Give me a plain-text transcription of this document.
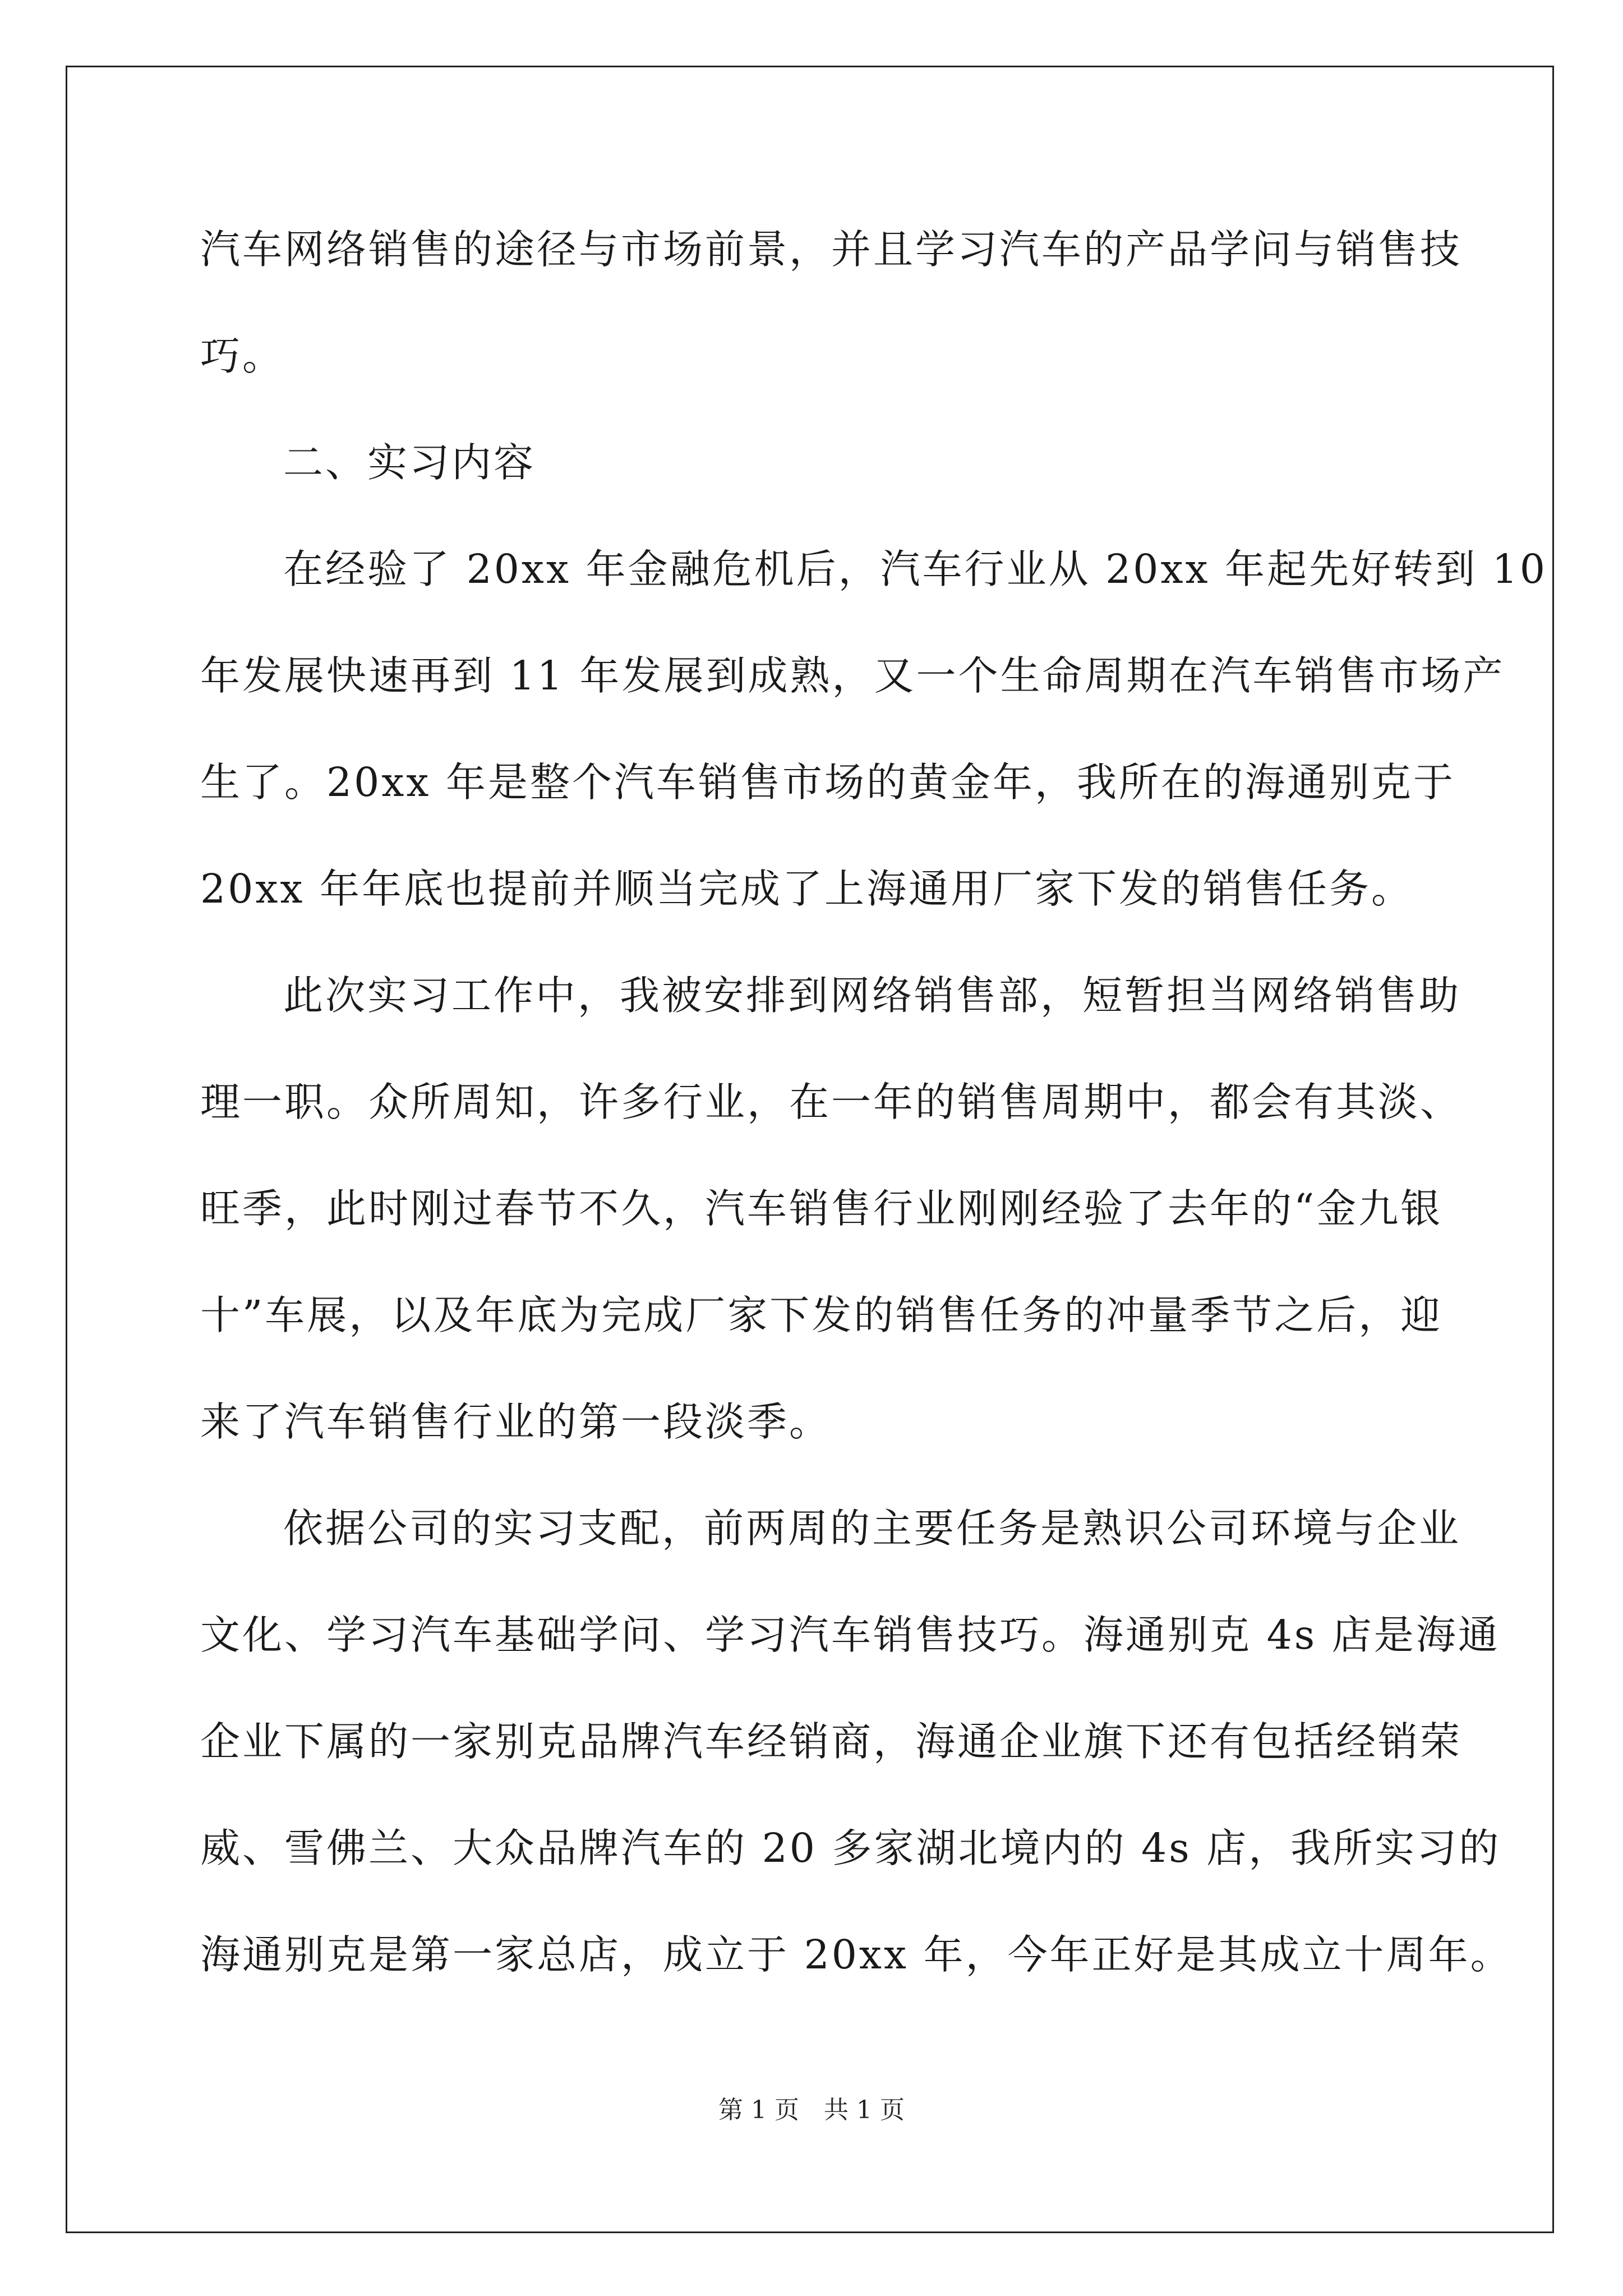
汽车网络销售的途径与市场前景，并且学习汽车的产品学问与销售技
巧。
二、实习内容
在经验了 20xx 年金融危机后，汽车行业从 20xx 年起先好转到 10
年发展快速再到 11 年发展到成熟，又一个生命周期在汽车销售市场产
生了。20xx 年是整个汽车销售市场的黄金年，我所在的海通别克于
20xx 年年底也提前并顺当完成了上海通用厂家下发的销售任务。
此次实习工作中，我被安排到网络销售部，短暂担当网络销售助
理一职。众所周知，许多行业，在一年的销售周期中，都会有其淡、
旺季，此时刚过春节不久，汽车销售行业刚刚经验了去年的“金九银
十”车展，以及年底为完成厂家下发的销售任务的冲量季节之后，迎
来了汽车销售行业的第一段淡季。
依据公司的实习支配，前两周的主要任务是熟识公司环境与企业
文化、学习汽车基础学问、学习汽车销售技巧。海通别克 4s 店是海通
企业下属的一家别克品牌汽车经销商，海通企业旗下还有包括经销荣
威、雪佛兰、大众品牌汽车的 20 多家湖北境内的 4s 店，我所实习的
海通别克是第一家总店，成立于 20xx 年，今年正好是其成立十周年。
第 1 页　共 1 页
